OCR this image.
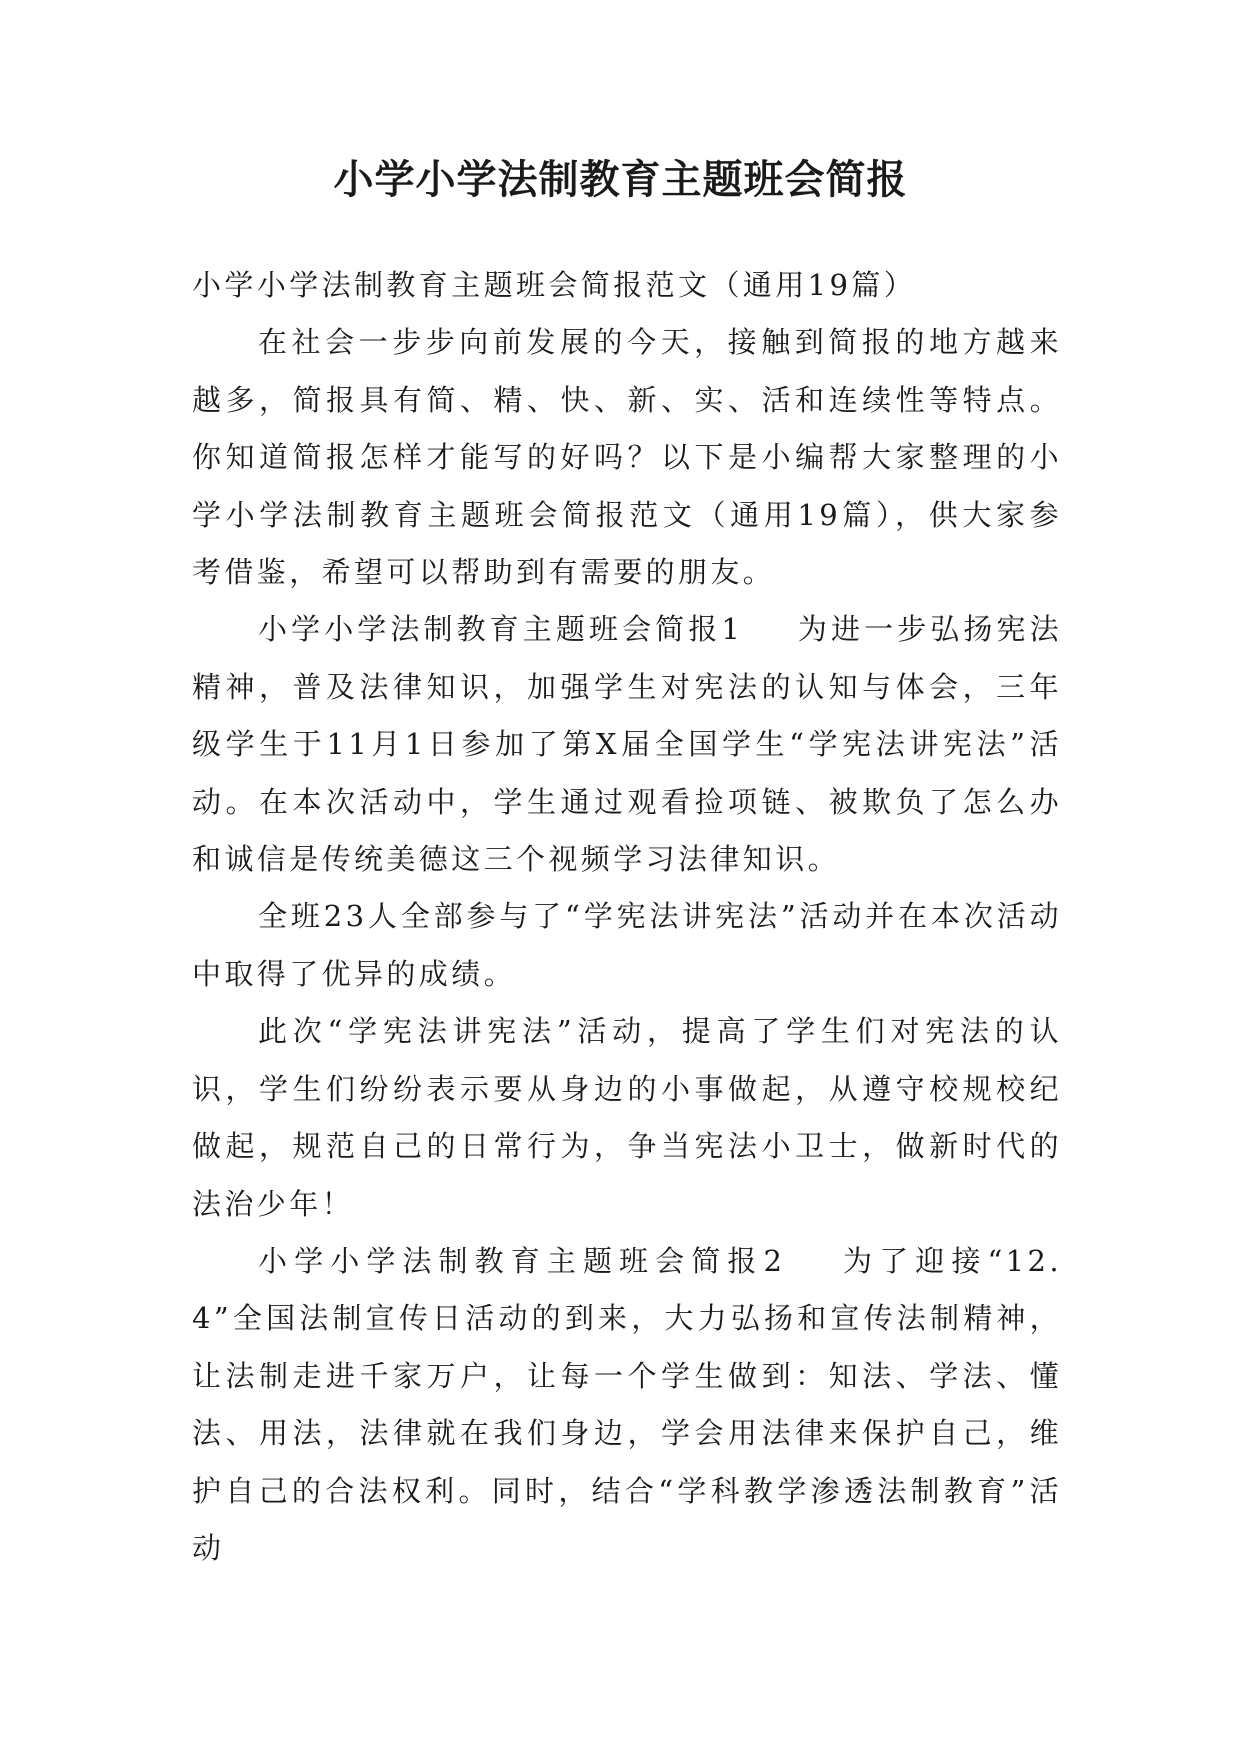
小学小学法制教育主题班会简报

小学小学法制教育主题班会简报范文（通用19篇）

在社会一步步向前发展的今天，接触到简报的地方越来越多，简报具有简、精、快、新、实、活和连续性等特点。你知道简报怎样才能写的好吗？以下是小编帮大家整理的小学小学法制教育主题班会简报范文（通用19篇），供大家参考借鉴，希望可以帮助到有需要的朋友。

小学小学法制教育主题班会简报1 为进一步弘扬宪法精神，普及法律知识，加强学生对宪法的认知与体会，三年级学生于11月1日参加了第X届全国学生“学宪法讲宪法”活动。在本次活动中，学生通过观看捡项链、被欺负了怎么办和诚信是传统美德这三个视频学习法律知识。

全班23人全部参与了“学宪法讲宪法”活动并在本次活动中取得了优异的成绩。

此次“学宪法讲宪法”活动，提高了学生们对宪法的认识，学生们纷纷表示要从身边的小事做起，从遵守校规校纪做起，规范自己的日常行为，争当宪法小卫士，做新时代的法治少年！

小学小学法制教育主题班会简报2 为了迎接“12.4”全国法制宣传日活动的到来，大力弘扬和宣传法制精神，让法制走进千家万户，让每一个学生做到：知法、学法、懂法、用法，法律就在我们身边，学会用法律来保护自己，维护自己的合法权利。同时，结合“学科教学渗透法制教育”活动
